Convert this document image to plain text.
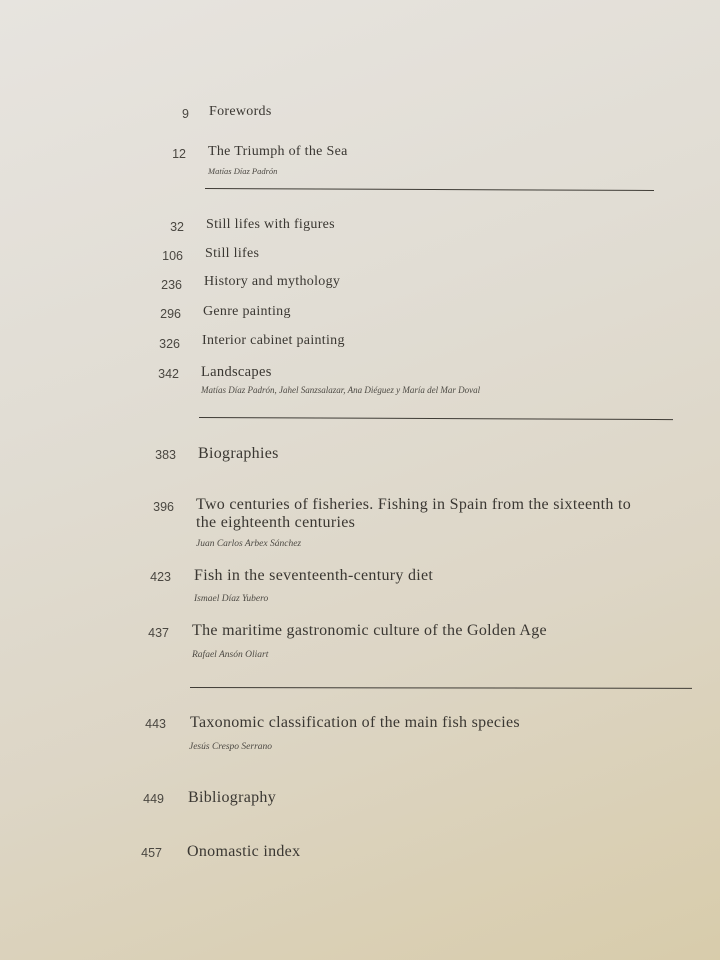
9 Forewords
12 The Triumph of the Sea
Matías Díaz Padrón
32 Still lifes with figures
106 Still lifes
236 History and mythology
296 Genre painting
326 Interior cabinet painting
342 Landscapes
Matías Díaz Padrón, Jahel Sanzsalazar, Ana Diéguez y María del Mar Doval
383 Biographies
396 Two centuries of fisheries. Fishing in Spain from the sixteenth to the eighteenth centuries
Juan Carlos Arbex Sánchez
423 Fish in the seventeenth-century diet
Ismael Díaz Yubero
437 The maritime gastronomic culture of the Golden Age
Rafael Ansón Oliart
443 Taxonomic classification of the main fish species
Jesús Crespo Serrano
449 Bibliography
457 Onomastic index
